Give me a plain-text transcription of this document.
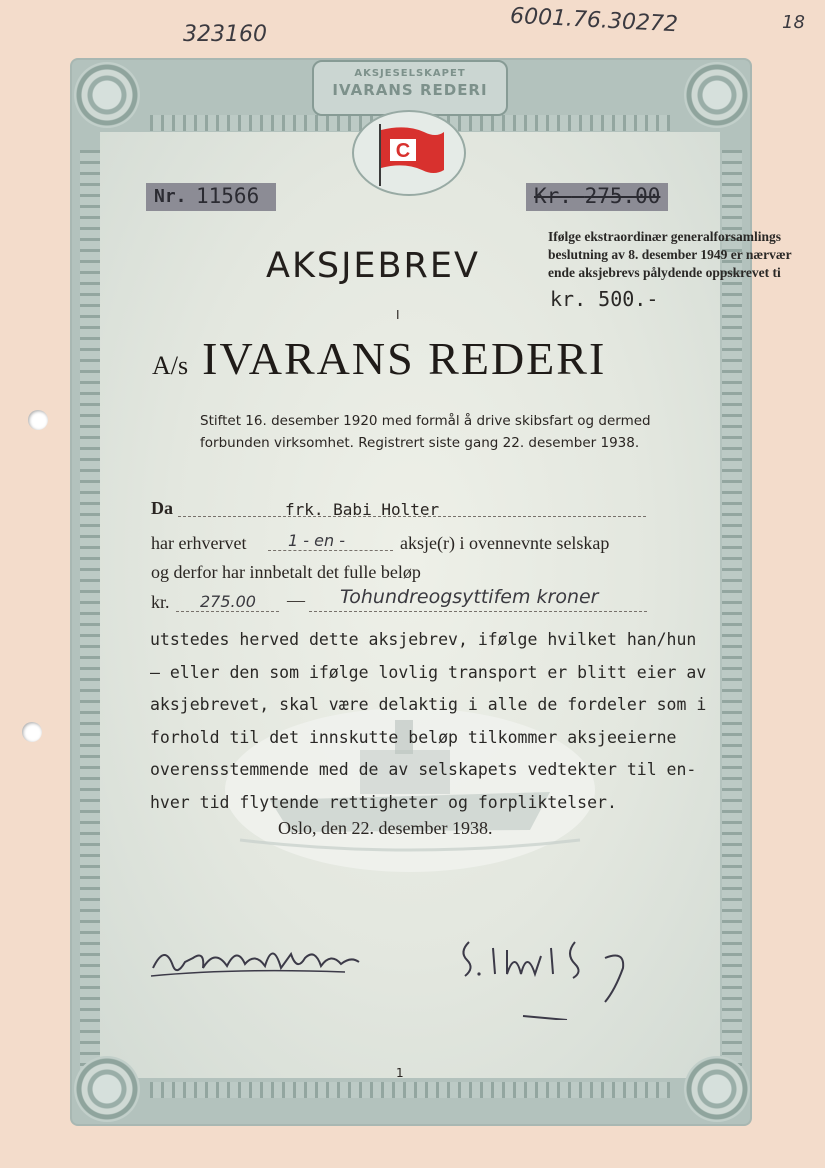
323160	6001.76.30272	18
AKSJESELSKAPET
IVARANS REDERI
C
Nr. 11566	Kr. 275.00
Ifølge ekstraordinær generalforsamlings
beslutning av 8. desember 1949 er nærvær
ende aksjebrevs pålydende oppskrevet ti
kr. 500.-
AKSJEBREV
I
A/s IVARANS REDERI
Stiftet 16. desember 1920 med formål å drive skibsfart og dermed
forbunden virksomhet. Registrert siste gang 22. desember 1938.
Da	frk. Babi Holter
har erhvervet	1 - en -	aksje(r) i ovennevnte selskap
og derfor har innbetalt det fulle beløp
kr. 275.00 — Tohundreogsyttifem kroner
utstedes herved dette aksjebrev, ifølge hvilket han/hun
— eller den som ifølge lovlig transport er blitt eier av
aksjebrevet, skal være delaktig i alle de fordeler som i
forhold til det innskutte beløp tilkommer aksjeeierne
overensstemmende med de av selskapets vedtekter til en-
hver tid flytende rettigheter og forpliktelser.
Oslo, den 22. desember 1938.
1
